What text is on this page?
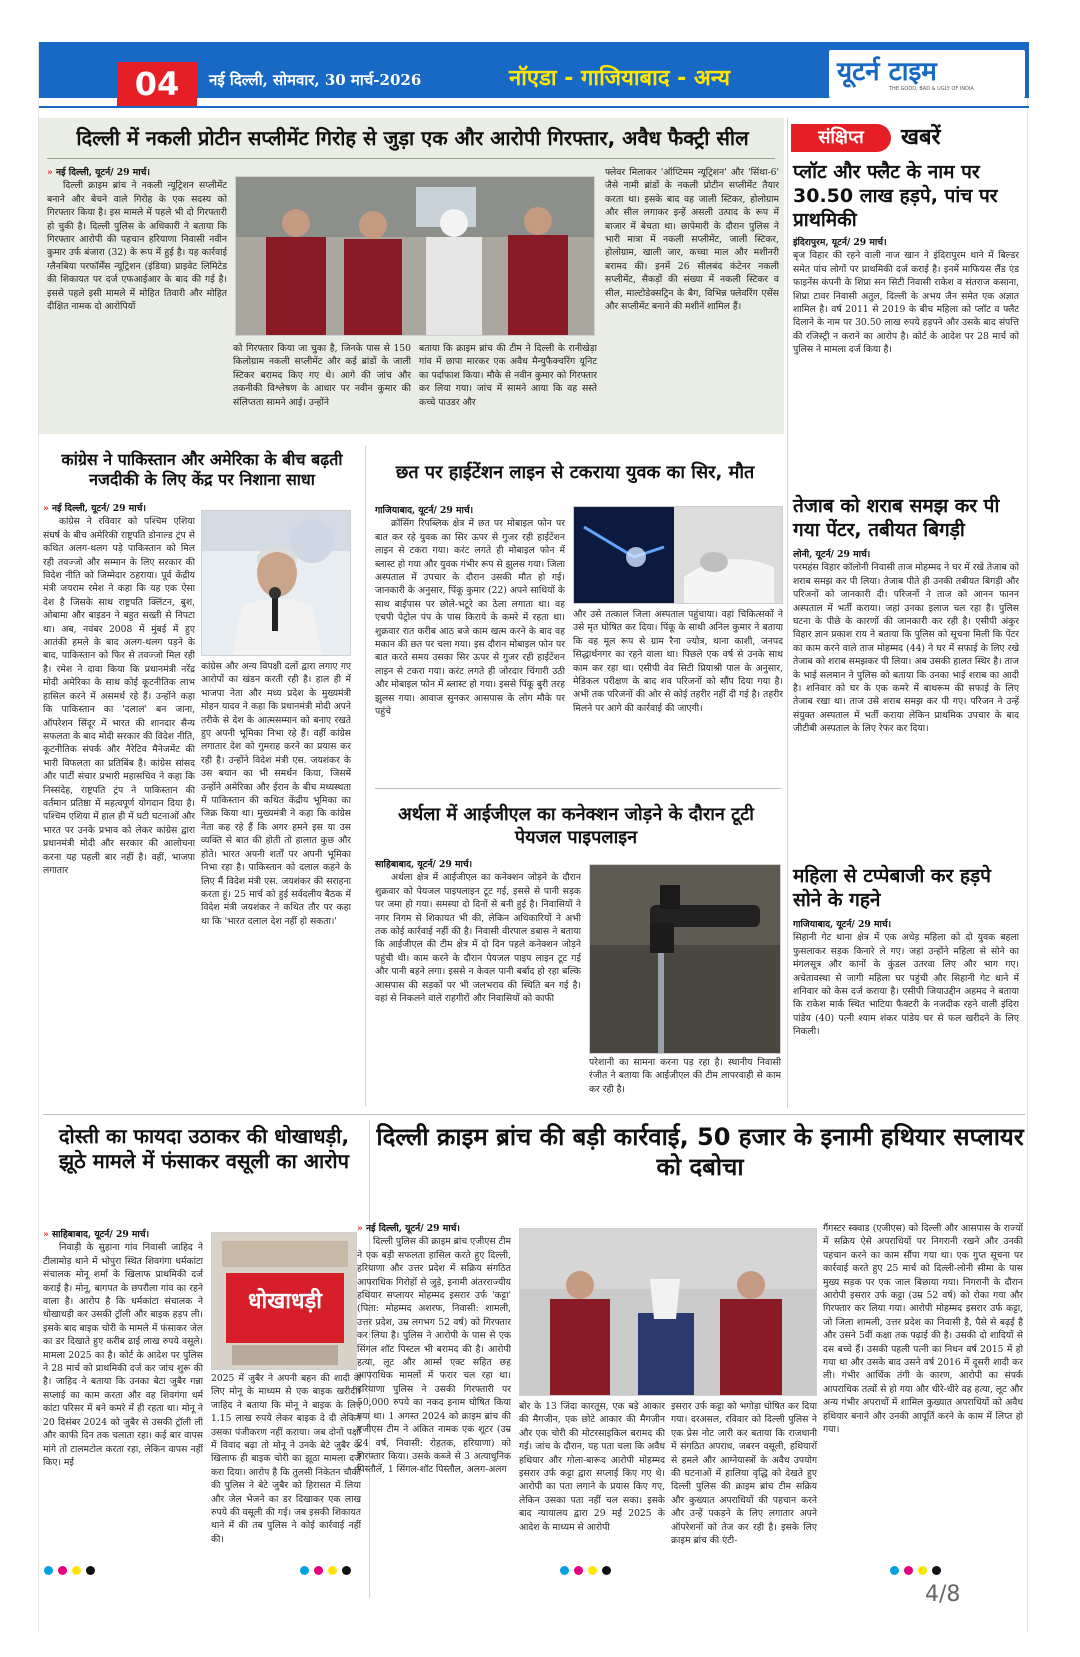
04	नई दिल्ली, सोमवार, 30 मार्च-2026	नॉएडा - गाजियाबाद - अन्य	यूटर्न टाइम
THE GOOD, BAD & UGLY OF INDIA
दिल्ली में नकली प्रोटीन सप्लीमेंट गिरोह से जुड़ा एक और आरोपी गिरफ्तार, अवैध फैक्ट्री सील
» नई दिल्ली, यूटर्न/ 29 मार्च।

दिल्ली क्राइम ब्रांच ने नकली न्यूट्रिशन सप्लीमेंट बनाने और बेचने वाले गिरोह के एक सदस्य को गिरफ्तार किया है। इस मामले में पहले भी दो गिरफ्तारी हो चुकी है। दिल्ली पुलिस के अधिकारी ने बताया कि गिरफ्तार आरोपी की पहचान हरियाणा निवासी नवीन कुमार उर्फ बंजारा (32) के रूप में हुई है। यह कार्रवाई ग्लैनबिया परफॉर्मेंस न्यूट्रिशन (इंडिया) प्राइवेट लिमिटेड की शिकायत पर दर्ज एफआईआर के बाद की गई है। इससे पहले इसी मामले में मोहित तिवारी और मोहित दीक्षित नामक दो आरोपियों

को गिरफ्तार किया जा चुका है, जिनके पास से 150 किलोग्राम नकली सप्लीमेंट और कई ब्रांडों के जाली स्टिकर बरामद किए गए थे। आगे की जांच और तकनीकी विश्लेषण के आधार पर नवीन कुमार की संलिप्तता सामने आई। उन्होंने

बताया कि क्राइम ब्रांच की टीम ने दिल्ली के रानीखेड़ा गांव में छापा मारकर एक अवैध मैन्युफैक्चरिंग यूनिट का पर्दाफाश किया। मौके से नवीन कुमार को गिरफ्तार कर लिया गया। जांच में सामने आया कि वह सस्ते कच्चे पाउडर और

फ्लेवर मिलाकर 'ऑप्टिमम न्यूट्रिशन' और 'सिंथा-6' जैसे नामी ब्रांडों के नकली प्रोटीन सप्लीमेंट तैयार करता था। इसके बाद वह जाली स्टिकर, होलोग्राम और सील लगाकर इन्हें असली उत्पाद के रूप में बाजार में बेचता था। छापेमारी के दौरान पुलिस ने भारी मात्रा में नकली सप्लीमेंट, जाली स्टिकर, होलोग्राम, खाली जार, कच्चा माल और मशीनरी बरामद की। इनमें 26 सीलबंद कंटेनर नकली सप्लीमेंट, सैकड़ों की संख्या में नकली स्टिकर व सील, माल्टोडेक्सट्रिन के बैग, विभिन्न फ्लेवरिंग एसेंस और सप्लीमेंट बनाने की मशीनें शामिल हैं।

कांग्रेस ने पाकिस्तान और अमेरिका के बीच बढ़ती नजदीकी के लिए केंद्र पर निशाना साधा
» नई दिल्ली, यूटर्न/ 29 मार्च।

कांग्रेस ने रविवार को पश्चिम एशिया संघर्ष के बीच अमेरिकी राष्ट्रपति डोनाल्ड ट्रंप से कथित अलग-थलग पड़े पाकिस्तान को मिल रही तवज्जो और सम्मान के लिए सरकार की विदेश नीति को जिम्मेदार ठहराया। पूर्व केंद्रीय मंत्री जयराम रमेश ने कहा कि यह एक ऐसा देश है जिसके साथ राष्ट्रपति क्लिंटन, बुश, ओबामा और बाइडन ने बहुत सख्ती से निपटा था। अब, नवंबर 2008 में मुंबई में हुए आतंकी हमले के बाद अलग-थलग पड़ने के बाद, पाकिस्तान को फिर से तवज्जो मिल रही है। रमेश ने दावा किया कि प्रधानमंत्री नरेंद्र मोदी अमेरिका के साथ कोई कूटनीतिक लाभ हासिल करने में असमर्थ रहे हैं। उन्होंने कहा कि पाकिस्तान का 'दलाल' बन जाना, ऑपरेशन सिंदूर में भारत की शानदार सैन्य सफलता के बाद मोदी सरकार की विदेश नीति, कूटनीतिक संपर्क और नैरेटिव मैनेजमेंट की भारी विफलता का प्रतिबिंब है। कांग्रेस सांसद और पार्टी संचार प्रभारी महासचिव ने कहा कि निस्संदेह, राष्ट्रपति ट्रंप ने पाकिस्तान की वर्तमान प्रतिष्ठा में महत्वपूर्ण योगदान दिया है। पश्चिम एशिया में हाल ही में घटी घटनाओं और भारत पर उनके प्रभाव को लेकर कांग्रेस द्वारा प्रधानमंत्री मोदी और सरकार की आलोचना करना यह पहली बार नहीं है। वहीं, भाजपा लगातार

कांग्रेस और अन्य विपक्षी दलों द्वारा लगाए गए आरोपों का खंडन करती रही है। हाल ही में भाजपा नेता और मध्य प्रदेश के मुख्यमंत्री मोहन यादव ने कहा कि प्रधानमंत्री मोदी अपने तरीके से देश के आत्मसम्मान को बनाए रखते हुए अपनी भूमिका निभा रहे हैं। वहीं कांग्रेस लगातार देश को गुमराह करने का प्रयास कर रही है। उन्होंने विदेश मंत्री एस. जयशंकर के उस बयान का भी समर्थन किया, जिसमें उन्होंने अमेरिका और ईरान के बीच मध्यस्थता में पाकिस्तान की कथित केंद्रीय भूमिका का जिक्र किया था। मुख्यमंत्री ने कहा कि कांग्रेस नेता कह रहे हैं कि अगर हमने इस या उस व्यक्ति से बात की होती तो हालात कुछ और होते। भारत अपनी शर्तों पर अपनी भूमिका निभा रहा है। पाकिस्तान को दलाल कहने के लिए मैं विदेश मंत्री एस. जयशंकर की सराहना करता हूं। 25 मार्च को हुई सर्वदलीय बैठक में विदेश मंत्री जयशंकर ने कथित तौर पर कहा था कि 'भारत दलाल देश नहीं हो सकता।'

छत पर हाईटेंशन लाइन से टकराया युवक का सिर, मौत
गाजियाबाद, यूटर्न/ 29 मार्च।

क्रॉसिंग रिपब्लिक क्षेत्र में छत पर मोबाइल फोन पर बात कर रहे युवक का सिर ऊपर से गुजर रही हाईटेंशन लाइन से टकरा गया। करंट लगते ही मोबाइल फोन में ब्लास्ट हो गया और युवक गंभीर रूप से झुलस गया। जिला अस्पताल में उपचार के दौरान उसकी मौत हो गई। जानकारी के अनुसार, पिंकू कुमार (22) अपने साथियों के साथ बाईपास पर छोले-भटूरे का ठेला लगाता था। वह एचपी पेट्रोल पंप के पास किराये के कमरे में रहता था। शुक्रवार रात करीब आठ बजे काम खत्म करने के बाद वह मकान की छत पर चला गया। इस दौरान मोबाइल फोन पर बात करते समय उसका सिर ऊपर से गुजर रही हाईटेंशन लाइन से टकरा गया। करंट लगते ही जोरदार चिंगारी उठी और मोबाइल फोन में ब्लास्ट हो गया। इससे पिंकू बुरी तरह झुलस गया। आवाज सुनकर आसपास के लोग मौके पर पहुंचे

और उसे तत्काल जिला अस्पताल पहुंचाया। वहां चिकित्सकों ने उसे मृत घोषित कर दिया। पिंकू के साथी अनिल कुमार ने बताया कि वह मूल रूप से ग्राम रैना ज्योत्र, थाना काशी, जनपद सिद्धार्थनगर का रहने वाला था। पिछले एक वर्ष से उनके साथ काम कर रहा था। एसीपी वेव सिटी प्रियाश्री पाल के अनुसार, मेडिकल परीक्षण के बाद शव परिजनों को सौंप दिया गया है। अभी तक परिजनों की ओर से कोई तहरीर नहीं दी गई है। तहरीर मिलने पर आगे की कार्रवाई की जाएगी।

अर्थला में आईजीएल का कनेक्शन जोड़ने के दौरान टूटी पेयजल पाइपलाइन
साहिबाबाद, यूटर्न/ 29 मार्च।

अर्थला क्षेत्र में आईजीएल का कनेक्शन जोड़ने के दौरान शुक्रवार को पेयजल पाइपलाइन टूट गई, इससे से पानी सड़क पर जमा हो गया। समस्या दो दिनों से बनी हुई है। निवासियों ने नगर निगम से शिकायत भी की, लेकिन अधिकारियों ने अभी तक कोई कार्रवाई नहीं की है। निवासी वीरपाल डबास ने बताया कि आईजीएल की टीम क्षेत्र में दो दिन पहले कनेक्शन जोड़ने पहुंची थी। काम करने के दौरान पेयजल पाइप लाइन टूट गई और पानी बहने लगा। इससे न केवल पानी बर्बाद हो रहा बल्कि आसपास की सड़कों पर भी जलभराव की स्थिति बन गई है। वहां से निकलने वाले राहगीरों और निवासियों को काफी

परेशानी का सामना करना पड़ रहा है। स्थानीय निवासी रंजीत ने बताया कि आईजीएल की टीम लापरवाही से काम कर रही है।

संक्षिप्त	खबरें
प्लॉट और फ्लैट के नाम पर 30.50 लाख हड़पे, पांच पर प्राथमिकी
इंदिरापुरम, यूटर्न/ 29 मार्च।

बृज विहार की रहने वाली नाज खान ने इंदिरापुरम थाने में बिल्डर समेत पांच लोगों पर प्राथमिकी दर्ज कराई है। इनमें माफियस लैंड एंड फाइनेंस कंपनी के शिप्रा सन सिटी निवासी राकेश व संतराज कसाना, शिप्रा टावर निवासी अतुल, दिल्ली के अभय जैन समेत एक अज्ञात शामिल है। वर्ष 2011 से 2019 के बीच महिला को प्लॉट व फ्लैट दिलाने के नाम पर 30.50 लाख रुपये हड़पने और उसके बाद संपत्ति की रजिस्ट्री न कराने का आरोप है। कोर्ट के आदेश पर 28 मार्च को पुलिस ने मामला दर्ज किया है।

तेजाब को शराब समझ कर पी गया पेंटर, तबीयत बिगड़ी
लोनी, यूटर्न/ 29 मार्च।

परमहंस विहार कॉलोनी निवासी ताज मोहम्मद ने घर में रखे तेजाब को शराब समझ कर पी लिया। तेजाब पीते ही उनकी तबीयत बिगड़ी और परिजनों को जानकारी दी। परिजनों ने ताज को आनन फानन अस्पताल में भर्ती कराया। जहां उनका इलाज चल रहा है। पुलिस घटना के पीछे के कारणों की जानकारी कर रही है। एसीपी अंकुर विहार ज्ञान प्रकाश राय ने बताया कि पुलिस को सूचना मिली कि पेंटर का काम करने वाले ताज मोहम्मद (44) ने घर में सफाई के लिए रखे तेजाब को शराब समझकर पी लिया। अब उसकी हालत स्थिर है। ताज के भाई सलमान ने पुलिस को बताया कि उनका भाई शराब का आदी है। शनिवार को घर के एक कमरे में बाथरूम की सफाई के लिए तेजाब रखा था। ताज उसे शराब समझ कर पी गए। परिजन ने उन्हें संयुक्त अस्पताल में भर्ती कराया लेकिन प्राथमिक उपचार के बाद जीटीबी अस्पताल के लिए रेफर कर दिया।

महिला से टप्पेबाजी कर हड़पे सोने के गहने
गाजियाबाद, यूटर्न/ 29 मार्च।

सिहानी गेट थाना क्षेत्र में एक अधेड़ महिला को दो युवक बहला फुसलाकर सड़क किनारे ले गए। जहां उन्होंने महिला से सोने का मंगलसूत्र और कानों के कुंडल उतरवा लिए और भाग गए। अचेतावस्था से जागी महिला घर पहुंची और सिहानी गेट थाने में शनिवार को केस दर्ज कराया है। एसीपी जियाउद्दीन अहमद ने बताया कि राकेश मार्क स्थित भाटिया फैक्टरी के नजदीक रहने वाली इंदिरा पांडेय (40) पत्नी श्याम शंकर पांडेय घर से फल खरीदने के लिए निकली।

दोस्ती का फायदा उठाकर की धोखाधड़ी, झूठे मामले में फंसाकर वसूली का आरोप
» साहिबाबाद, यूटर्न/ 29 मार्च।

निवाड़ी के सुहाना गांव निवासी जाहिद ने टीलामोड़ थाने में भोपुरा स्थित शिवगंगा धर्मकांटा संचालक मोनू शर्मा के खिलाफ प्राथमिकी दर्ज कराई है। मोनू, बागपत के छपरौला गांव का रहने वाला है। आरोप है कि धर्मकांटा संचालक ने धोखाधड़ी कर उसकी ट्रॉली और बाइक हड़प ली। इसके बाद बाइक चोरी के मामले में फंसाकर जेल का डर दिखाते हुए करीब ढाई लाख रुपये वसूले। मामला 2025 का है। कोर्ट के आदेश पर पुलिस ने 28 मार्च को प्राथमिकी दर्ज कर जांच शुरू की है। जाहिद ने बताया कि उनका बेटा जुबैर गन्ना सप्लाई का काम करता और वह शिवगंगा धर्म कांटा परिसर में बने कमरे में ही रहता था। मोनू ने 20 दिसंबर 2024 को जुबैर से उसकी ट्रॉली ली और काफी दिन तक चलाता रहा। कई बार वापस मांगे तो टालमटोल करता रहा, लेकिन वापस नहीं किए। मई

धोखाधड़ी

2025 में जुबैर ने अपनी बहन की शादी के लिए मोनू के माध्यम से एक बाइक खरीदी। जाहिद ने बताया कि मोनू ने बाइक के लिए 1.15 लाख रुपये लेकर बाइक दे दी लेकिन उसका पंजीकरण नहीं कराया। जब दोनों पक्षों में विवाद बढ़ा तो मोनू ने उनके बेटे जुबैर के खिलाफ ही बाइक चोरी का झूठा मामला दर्ज करा दिया। आरोप है कि तुलसी निकेतन चौकी की पुलिस ने बेटे जुबैर को हिरासत में लिया और जेल भेजने का डर दिखाकर एक लाख रुपये की वसूली की गई। जब इसकी शिकायत थाने में की तब पुलिस ने कोई कार्रवाई नहीं की।

दिल्ली क्राइम ब्रांच की बड़ी कार्रवाई, 50 हजार के इनामी हथियार सप्लायर को दबोचा
» नई दिल्ली, यूटर्न/ 29 मार्च।

दिल्ली पुलिस की क्राइम ब्रांच एजीएस टीम ने एक बड़ी सफलता हासिल करते हुए दिल्ली, हरियाणा और उत्तर प्रदेश में सक्रिय संगठित आपराधिक गिरोहों से जुड़े, इनामी अंतरराज्यीय हथियार सप्लायर मोहम्मद इसरार उर्फ 'कट्टा' (पिता: मोहम्मद अशरफ, निवासी: शामली, उत्तर प्रदेश, उम्र लगभग 52 वर्ष) को गिरफ्तार कर लिया है। पुलिस ने आरोपी के पास से एक सिंगल शॉट पिस्टल भी बरामद की है। आरोपी हत्या, लूट और आर्म्स एक्ट सहित छह आपराधिक मामलों में फरार चल रहा था। हरियाणा पुलिस ने उसकी गिरफ्तारी पर 50,000 रुपये का नकद इनाम घोषित किया गया था। 1 अगस्त 2024 को क्राइम ब्रांच की एजीएस टीम ने अंकित नामक एक शूटर (उम्र 24 वर्ष, निवासी: रोहतक, हरियाणा) को गिरफ्तार किया। उसके कब्जे से 3 अत्याधुनिक पिस्तौलें, 1 सिंगल-शॉट पिस्तौल, अलग-अलग

बोर के 13 जिंदा कारतूस, एक बड़े आकार की मैगजीन, एक छोटे आकार की मैगजीन और एक चोरी की मोटरसाइकिल बरामद की गई। जांच के दौरान, यह पता चला कि अवैध हथियार और गोला-बारूद आरोपी मोहम्मद इसरार उर्फ कट्टा द्वारा सप्लाई किए गए थे। आरोपी का पता लगाने के प्रयास किए गए, लेकिन उसका पता नहीं चल सका। इसके बाद न्यायालय द्वारा 29 मई 2025 के आदेश के माध्यम से आरोपी

इसरार उर्फ कट्टा को भगोड़ा घोषित कर दिया गया। दरअसल, रविवार को दिल्ली पुलिस ने एक प्रेस नोट जारी कर बताया कि राजधानी में संगठित अपराध, जबरन वसूली, हथियारों से हमले और आग्नेयास्त्रों के अवैध उपयोग की घटनाओं में हालिया वृद्धि को देखते हुए दिल्ली पुलिस की क्राइम ब्रांच टीम सक्रिय और कुख्यात अपराधियों की पहचान करने और उन्हें पकड़ने के लिए लगातार अपने ऑपरेशनों को तेज कर रही है। इसके लिए क्राइम ब्रांच की एंटी-

गैंगस्टर स्क्वाड (एजीएस) को दिल्ली और आसपास के राज्यों में सक्रिय ऐसे अपराधियों पर निगरानी रखने और उनकी पहचान करने का काम सौंपा गया था। एक गुप्त सूचना पर कार्रवाई करते हुए 25 मार्च को दिल्ली-लोनी सीमा के पास मुख्य सड़क पर एक जाल बिछाया गया। निगरानी के दौरान आरोपी इसरार उर्फ कट्टा (उम्र 52 वर्ष) को रोका गया और गिरफ्तार कर लिया गया। आरोपी मोहम्मद इसरार उर्फ कट्टा, जो जिला शामली, उत्तर प्रदेश का निवासी है, पैसे से बढ़ई है और उसने 5वीं कक्षा तक पढ़ाई की है। उसकी दो शादियों से दस बच्चे हैं। उसकी पहली पत्नी का निधन वर्ष 2015 में हो गया था और उसके बाद उसने वर्ष 2016 में दूसरी शादी कर ली। गंभीर आर्थिक तंगी के कारण, आरोपी का संपर्क आपराधिक तत्वों से हो गया और धीरे-धीरे वह हत्या, लूट और अन्य गंभीर अपराधों में शामिल कुख्यात अपराधियों को अवैध हथियार बनाने और उनकी आपूर्ति करने के काम में लिप्त हो गया।

4/8
